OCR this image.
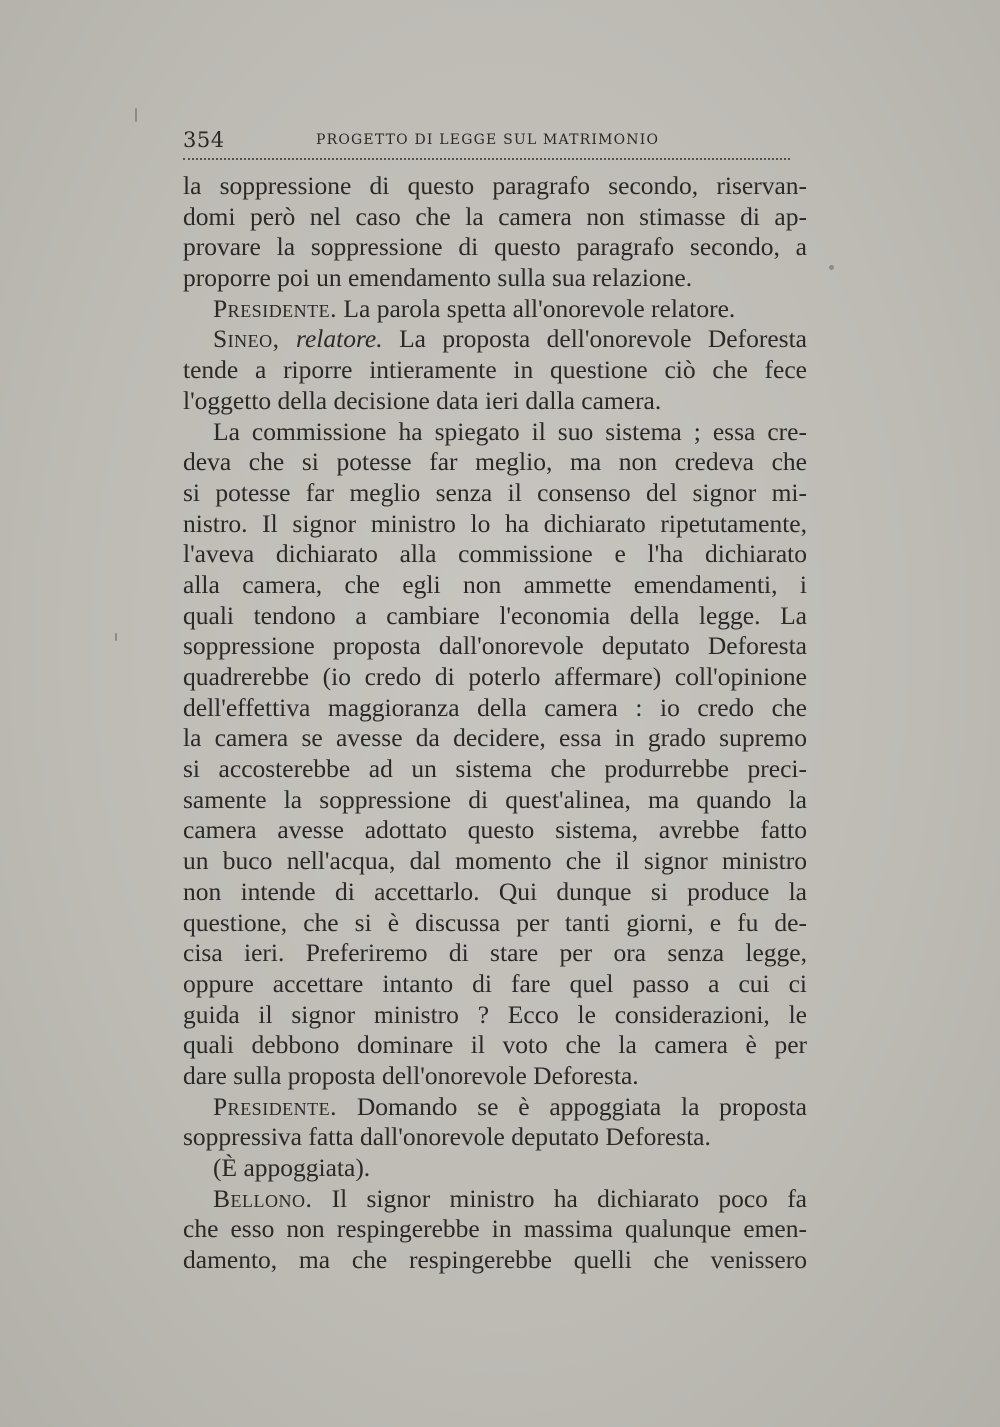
354	PROGETTO DI LEGGE SUL MATRIMONIO
la soppressione di questo paragrafo secondo, riservan-
domi però nel caso che la camera non stimasse di ap-
provare la soppressione di questo paragrafo secondo, a
proporre poi un emendamento sulla sua relazione.
Presidente. La parola spetta all'onorevole relatore.
Sineo, relatore. La proposta dell'onorevole Deforesta
tende a riporre intieramente in questione ciò che fece
l'oggetto della decisione data ieri dalla camera.
La commissione ha spiegato il suo sistema ; essa cre-
deva che si potesse far meglio, ma non credeva che
si potesse far meglio senza il consenso del signor mi-
nistro. Il signor ministro lo ha dichiarato ripetutamente,
l'aveva dichiarato alla commissione e l'ha dichiarato
alla camera, che egli non ammette emendamenti, i
quali tendono a cambiare l'economia della legge. La
soppressione proposta dall'onorevole deputato Deforesta
quadrerebbe (io credo di poterlo affermare) coll'opinione
dell'effettiva maggioranza della camera : io credo che
la camera se avesse da decidere, essa in grado supremo
si accosterebbe ad un sistema che produrrebbe preci-
samente la soppressione di quest'alinea, ma quando la
camera avesse adottato questo sistema, avrebbe fatto
un buco nell'acqua, dal momento che il signor ministro
non intende di accettarlo. Qui dunque si produce la
questione, che si è discussa per tanti giorni, e fu de-
cisa ieri. Preferiremo di stare per ora senza legge,
oppure accettare intanto di fare quel passo a cui ci
guida il signor ministro ? Ecco le considerazioni, le
quali debbono dominare il voto che la camera è per
dare sulla proposta dell'onorevole Deforesta.
Presidente. Domando se è appoggiata la proposta
soppressiva fatta dall'onorevole deputato Deforesta.
(È appoggiata).
Bellono. Il signor ministro ha dichiarato poco fa
che esso non respingerebbe in massima qualunque emen-
damento, ma che respingerebbe quelli che venissero
